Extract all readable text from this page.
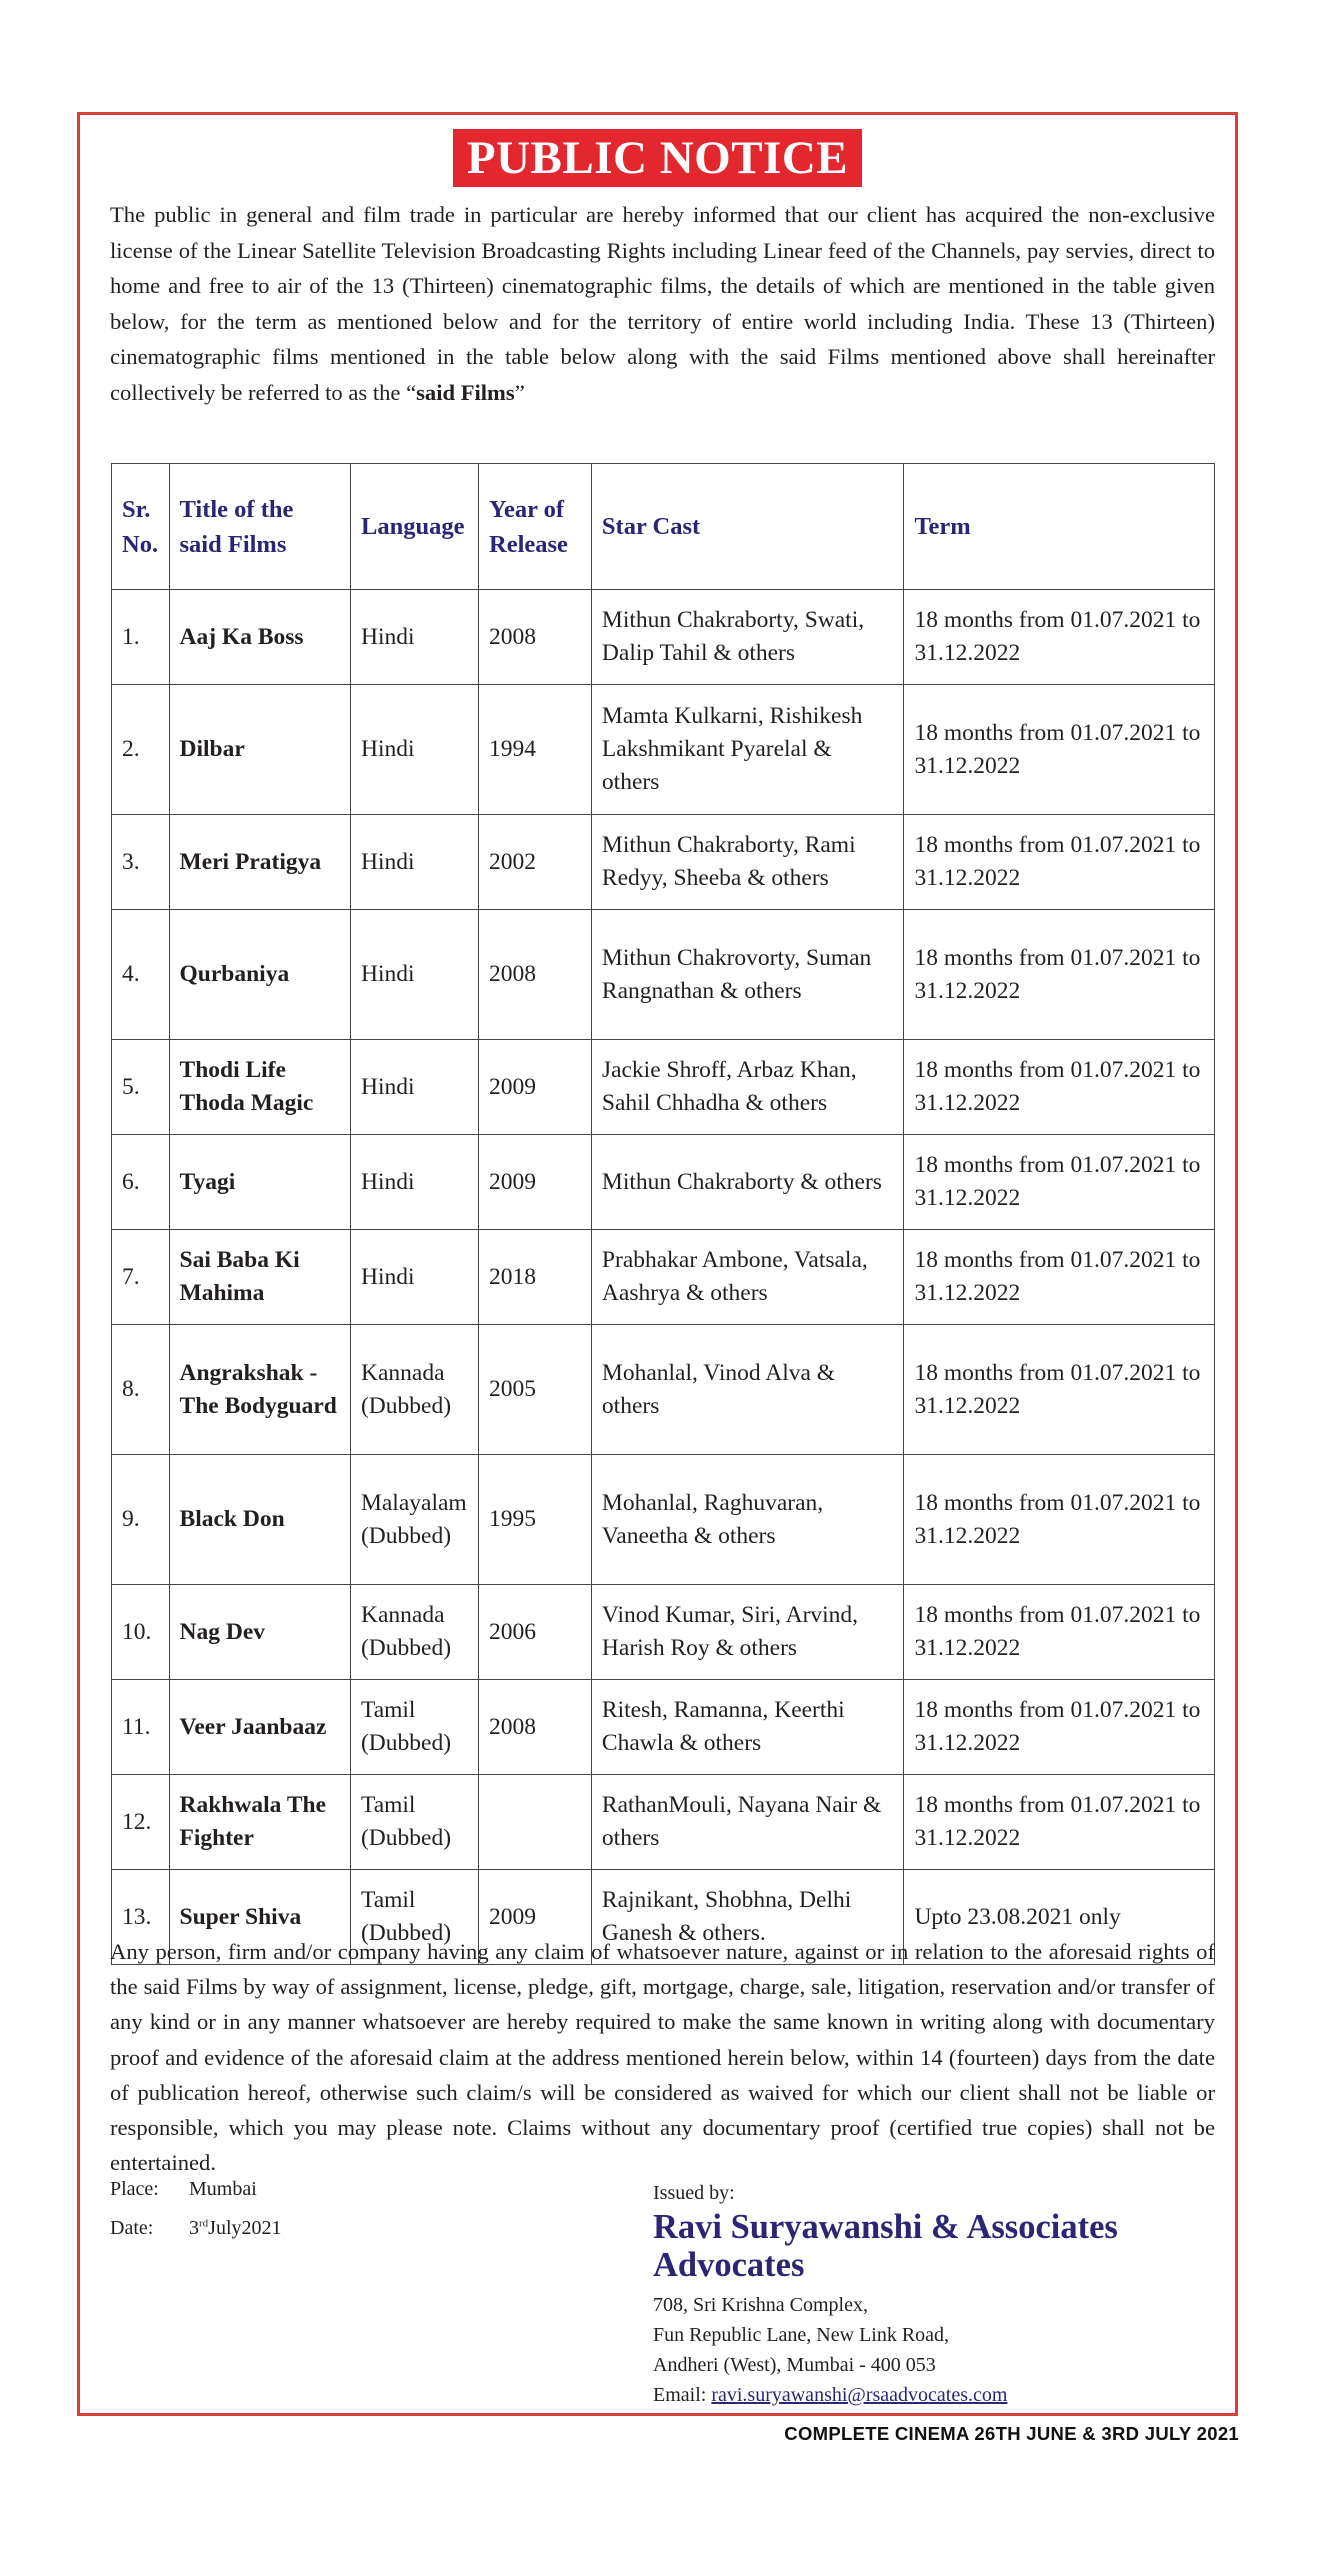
PUBLIC NOTICE

The public in general and film trade in particular are hereby informed that our client has acquired the non-exclusive license of the Linear Satellite Television Broadcasting Rights including Linear feed of the Channels, pay servies, direct to home and free to air of the 13 (Thirteen) cinematographic films, the details of which are mentioned in the table given below, for the term as mentioned below and for the territory of entire world including India. These 13 (Thirteen) cinematographic films mentioned in the table below along with the said Films mentioned above shall hereinafter collectively be referred to as the “said Films”

Sr. No.	Title of the said Films	Language	Year of Release	Star Cast	Term
1.	Aaj Ka Boss	Hindi	2008	Mithun Chakraborty, Swati, Dalip Tahil & others	18 months from 01.07.2021 to 31.12.2022
2.	Dilbar	Hindi	1994	Mamta Kulkarni, Rishikesh Lakshmikant Pyarelal & others	18 months from 01.07.2021 to 31.12.2022
3.	Meri Pratigya	Hindi	2002	Mithun Chakraborty, Rami Redyy, Sheeba & others	18 months from 01.07.2021 to 31.12.2022
4.	Qurbaniya	Hindi	2008	Mithun Chakrovorty, Suman Rangnathan & others	18 months from 01.07.2021 to 31.12.2022
5.	Thodi Life Thoda Magic	Hindi	2009	Jackie Shroff, Arbaz Khan, Sahil Chhadha & others	18 months from 01.07.2021 to 31.12.2022
6.	Tyagi	Hindi	2009	Mithun Chakraborty & others	18 months from 01.07.2021 to 31.12.2022
7.	Sai Baba Ki Mahima	Hindi	2018	Prabhakar Ambone, Vatsala, Aashrya & others	18 months from 01.07.2021 to 31.12.2022
8.	Angrakshak - The Bodyguard	Kannada (Dubbed)	2005	Mohanlal, Vinod Alva & others	18 months from 01.07.2021 to 31.12.2022
9.	Black Don	Malayalam (Dubbed)	1995	Mohanlal, Raghuvaran, Vaneetha & others	18 months from 01.07.2021 to 31.12.2022
10.	Nag Dev	Kannada (Dubbed)	2006	Vinod Kumar, Siri, Arvind, Harish Roy & others	18 months from 01.07.2021 to 31.12.2022
11.	Veer Jaanbaaz	Tamil (Dubbed)	2008	Ritesh, Ramanna, Keerthi Chawla & others	18 months from 01.07.2021 to 31.12.2022
12.	Rakhwala The Fighter	Tamil (Dubbed)		RathanMouli, Nayana Nair & others	18 months from 01.07.2021 to 31.12.2022
13.	Super Shiva	Tamil (Dubbed)	2009	Rajnikant, Shobhna, Delhi Ganesh & others.	Upto 23.08.2021 only

Any person, firm and/or company having any claim of whatsoever nature, against or in relation to the aforesaid rights of the said Films by way of assignment, license, pledge, gift, mortgage, charge, sale, litigation, reservation and/or transfer of any kind or in any manner whatsoever are hereby required to make the same known in writing along with documentary proof and evidence of the aforesaid claim at the address mentioned herein below, within 14 (fourteen) days from the date of publication hereof, otherwise such claim/s will be considered as waived for which our client shall not be liable or responsible, which you may please note. Claims without any documentary proof (certified true copies) shall not be entertained.

Place: Mumbai
Date: 3rdJuly2021
Issued by:
Ravi Suryawanshi & Associates
Advocates
708, Sri Krishna Complex,
Fun Republic Lane, New Link Road,
Andheri (West), Mumbai - 400 053
Email: ravi.suryawanshi@rsaadvocates.com
COMPLETE CINEMA 26TH JUNE & 3RD JULY 2021
